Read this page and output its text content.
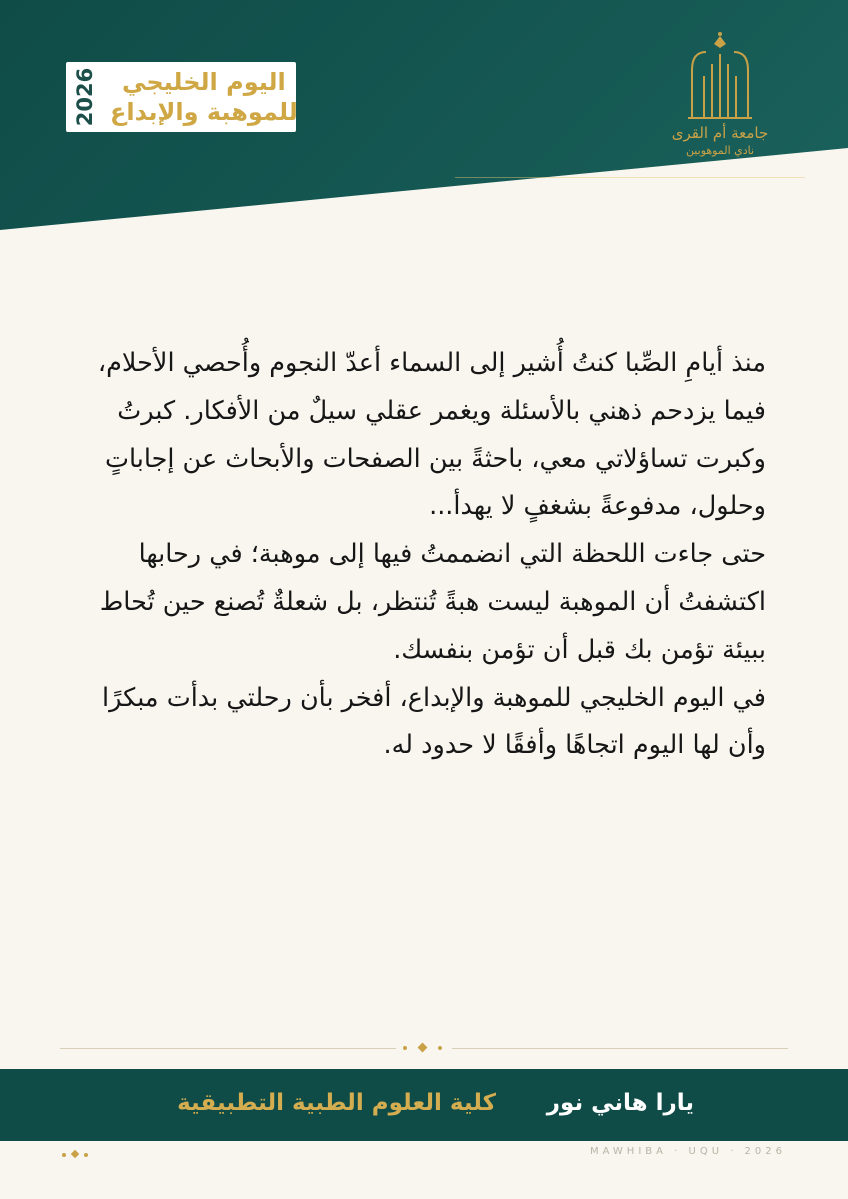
2026 اليوم الخليجي
للموهبة والإبداع
جامعة أم القرى
نادي الموهوبين

منذ أيامِ الصِّبا كنتُ أُشير إلى السماء أعدّ النجوم وأُحصي الأحلام، فيما يزدحم ذهني بالأسئلة ويغمر عقلي سيلٌ من الأفكار. كبرتُ وكبرت تساؤلاتي معي، باحثةً بين الصفحات والأبحاث عن إجاباتٍ وحلول، مدفوعةً بشغفٍ لا يهدأ...

حتى جاءت اللحظة التي انضممتُ فيها إلى موهبة؛ في رحابها اكتشفتُ أن الموهبة ليست هبةً تُنتظر، بل شعلةٌ تُصنع حين تُحاط ببيئة تؤمن بك قبل أن تؤمن بنفسك.

في اليوم الخليجي للموهبة والإبداع، أفخر بأن رحلتي بدأت مبكرًا وأن لها اليوم اتجاهًا وأفقًا لا حدود له.

يارا هاني نور
كلية العلوم الطبية التطبيقية
MAWHIBA · UQU · 2026
